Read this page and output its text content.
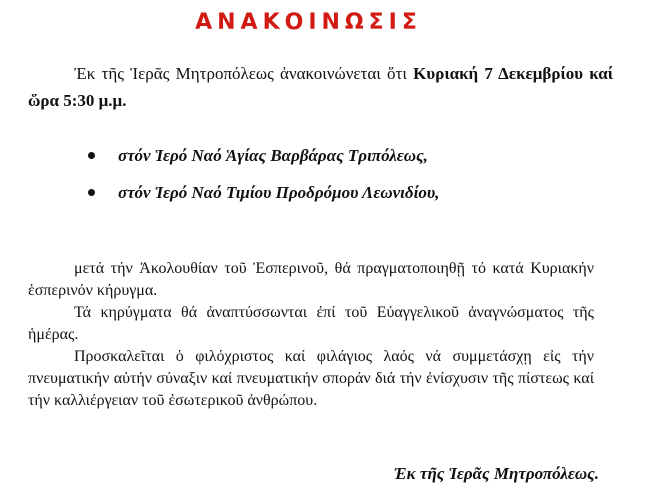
ΑΝΑΚΟΙΝΩΣΙΣ

Ἐκ τῆς Ἱερᾶς Μητροπόλεως ἀνακοινώνεται ὅτι Κυριακή 7 Δεκεμβρίου καί ὥρα 5:30 μ.μ.

στόν Ἱερό Ναό Ἁγίας Βαρβάρας Τριπόλεως,
στόν Ἱερό Ναό Τιμίου Προδρόμου Λεωνιδίου,

μετά τήν Ἀκολουθίαν τοῦ Ἑσπερινοῦ, θά πραγματοποιηθῇ τό κατά Κυριακήν ἑσπερινόν κήρυγμα.

Τά κηρύγματα θά ἀναπτύσσωνται ἐπί τοῦ Εὐαγγελικοῦ ἀναγνώσματος τῆς ἡμέρας.

Προσκαλεῖται ὁ φιλόχριστος καί φιλάγιος λαός νά συμμετάσχῃ εἰς τήν πνευματικήν αὐτήν σύναξιν καί πνευματικήν σποράν διά τήν ἐνίσχυσιν τῆς πίστεως καί τήν καλλιέργειαν τοῦ ἐσωτερικοῦ ἀνθρώπου.

Ἐκ τῆς Ἱερᾶς Μητροπόλεως.
